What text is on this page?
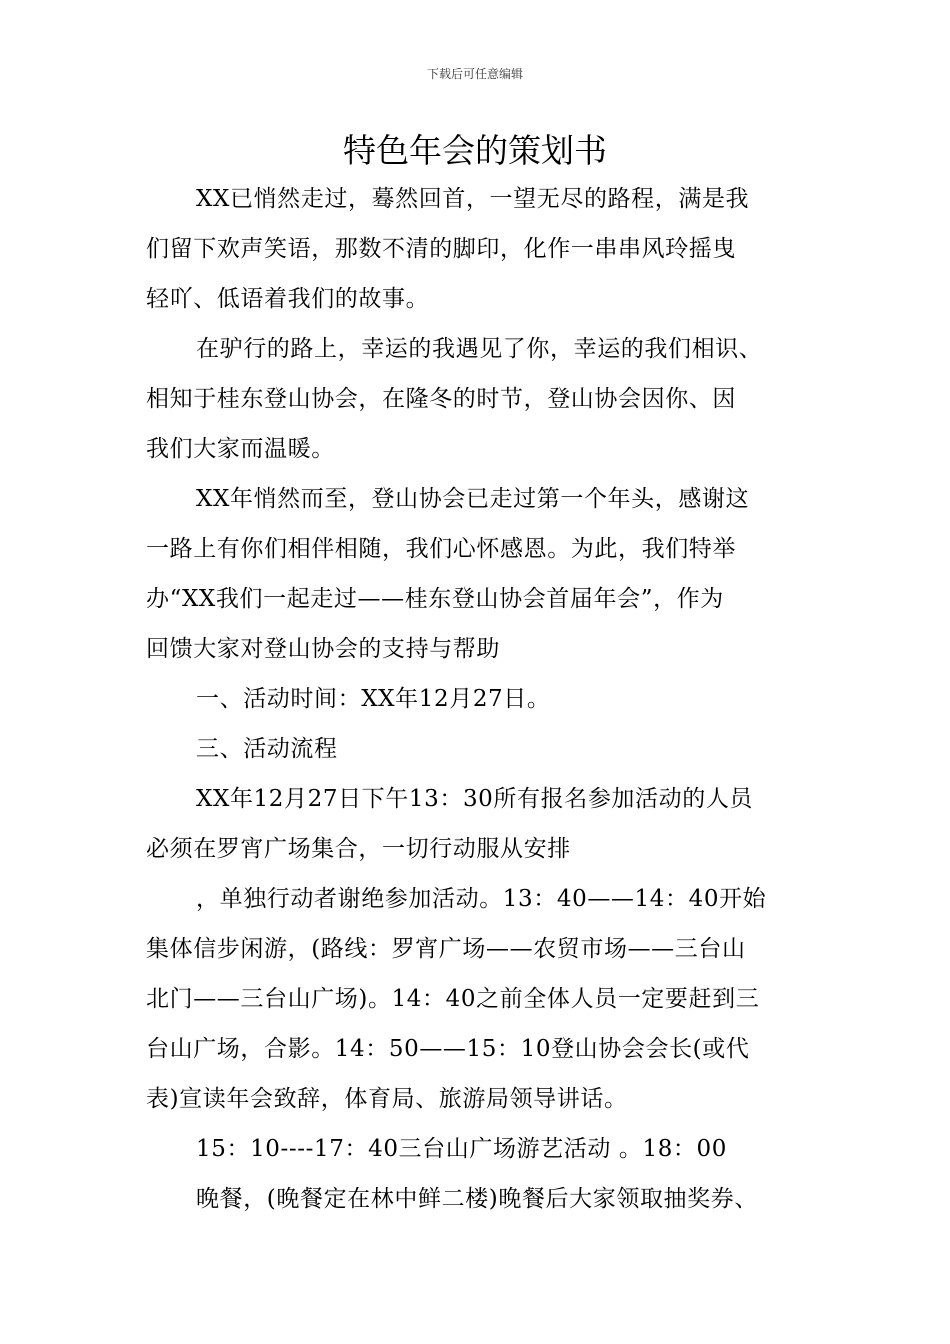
下载后可任意编辑
特色年会的策划书
XX已悄然走过，蓦然回首，一望无尽的路程，满是我
们留下欢声笑语，那数不清的脚印，化作一串串风玲摇曳
轻吖、低语着我们的故事。
在驴行的路上，幸运的我遇见了你，幸运的我们相识、
相知于桂东登山协会，在隆冬的时节，登山协会因你、因
我们大家而温暖。
XX年悄然而至，登山协会已走过第一个年头，感谢这
一路上有你们相伴相随，我们心怀感恩。为此，我们特举
办“XX我们一起走过——桂东登山协会首届年会”，作为
回馈大家对登山协会的支持与帮助
一、活动时间：XX年12月27日。
三、活动流程
XX年12月27日下午13：30所有报名参加活动的人员
必须在罗宵广场集合，一切行动服从安排
，单独行动者谢绝参加活动。13：40——14：40开始
集体信步闲游，(路线：罗宵广场——农贸市场——三台山
北门——三台山广场)。14：40之前全体人员一定要赶到三
台山广场，合影。14：50——15：10登山协会会长(或代
表)宣读年会致辞，体育局、旅游局领导讲话。
15：10----17：40三台山广场游艺活动 。18：00
晚餐，(晚餐定在林中鲜二楼)晚餐后大家领取抽奖券、
